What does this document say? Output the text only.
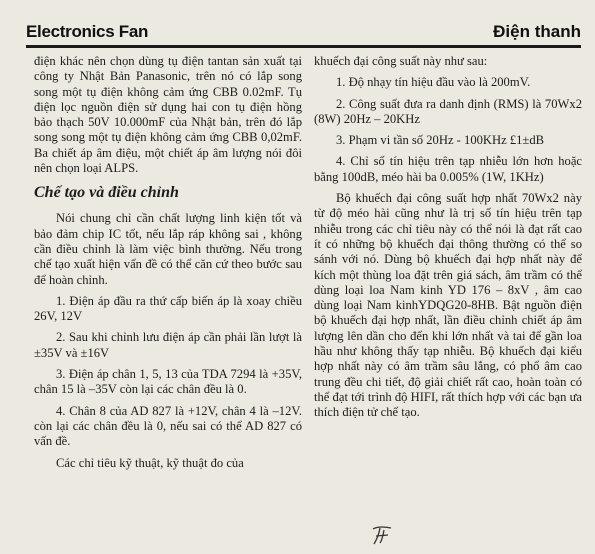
Electronics Fan	Điện thanh

điện khác nên chọn dùng tụ điện tantan sản xuất tại công ty Nhật Bản Panasonic, trên nó có lắp song song một tụ điện không cảm ứng CBB 0.02mF. Tụ điện lọc nguồn điện sử dụng hai con tụ điện hồng bảo thạch 50V 10.000mF của Nhật bản, trên đó lắp song song một tụ điện không cảm ứng CBB 0,02mF. Ba chiết áp âm điệu, một chiết áp âm lượng nói đôi nên chọn loại ALPS.

Chế tạo và điều chỉnh

Nói chung chỉ cần chất lượng linh kiện tốt và bảo đảm chip IC tốt, nếu lắp ráp không sai , không cần điều chỉnh là làm việc bình thường. Nếu trong chế tạo xuất hiện vấn đề có thể căn cứ theo bước sau để hoàn chỉnh.

1. Điện áp đầu ra thứ cấp biến áp là xoay chiều 26V, 12V

2. Sau khi chỉnh lưu điện áp cần phải lần lượt là ±35V và ±16V

3. Điện áp chân 1, 5, 13 của TDA 7294 là +35V, chân 15 là –35V còn lại các chân đều là 0.

4. Chân 8 của AD 827 là +12V, chân 4 là –12V. còn lại các chân đều là 0, nếu sai có thể AD 827 có vấn đề.

Các chỉ tiêu kỹ thuật, kỹ thuật đo của

khuếch đại công suất này như sau:

1. Độ nhạy tín hiệu đầu vào là 200mV.

2. Công suất đưa ra danh định (RMS) là 70Wx2 (8W) 20Hz – 20KHz

3. Phạm vi tần số 20Hz - 100KHz £1±dB

4. Chỉ số tín hiệu trên tạp nhiễu lớn hơn hoặc bằng 100dB, méo hài ba 0.005% (1W, 1KHz)

Bộ khuếch đại công suất hợp nhất 70Wx2 này từ độ méo hài cũng như là trị số tín hiệu trên tạp nhiễu trong các chỉ tiêu này có thể nói là đạt rất cao ít có những bộ khuếch đại thông thường có thể so sánh với nó. Dùng bộ khuếch đại hợp nhất này để kích một thùng loa đặt trên giá sách, âm trầm có thể dùng loại loa Nam kinh YD 176 – 8xV , âm cao dùng loại Nam kinhYDQG20-8HB. Bật nguồn điện bộ khuếch đại hợp nhất, lần điều chỉnh chiết áp âm lượng lên dần cho đến khi lớn nhất và tai để gần loa hầu như không thấy tạp nhiễu. Bộ khuếch đại kiểu hợp nhất này có âm trầm sâu lắng, có phổ âm cao trung đều chi tiết, độ giải chiết rất cao, hoàn toàn có thể đạt tới trình độ HIFI, rất thích hợp với các bạn ưa thích điện tử chế tạo.
